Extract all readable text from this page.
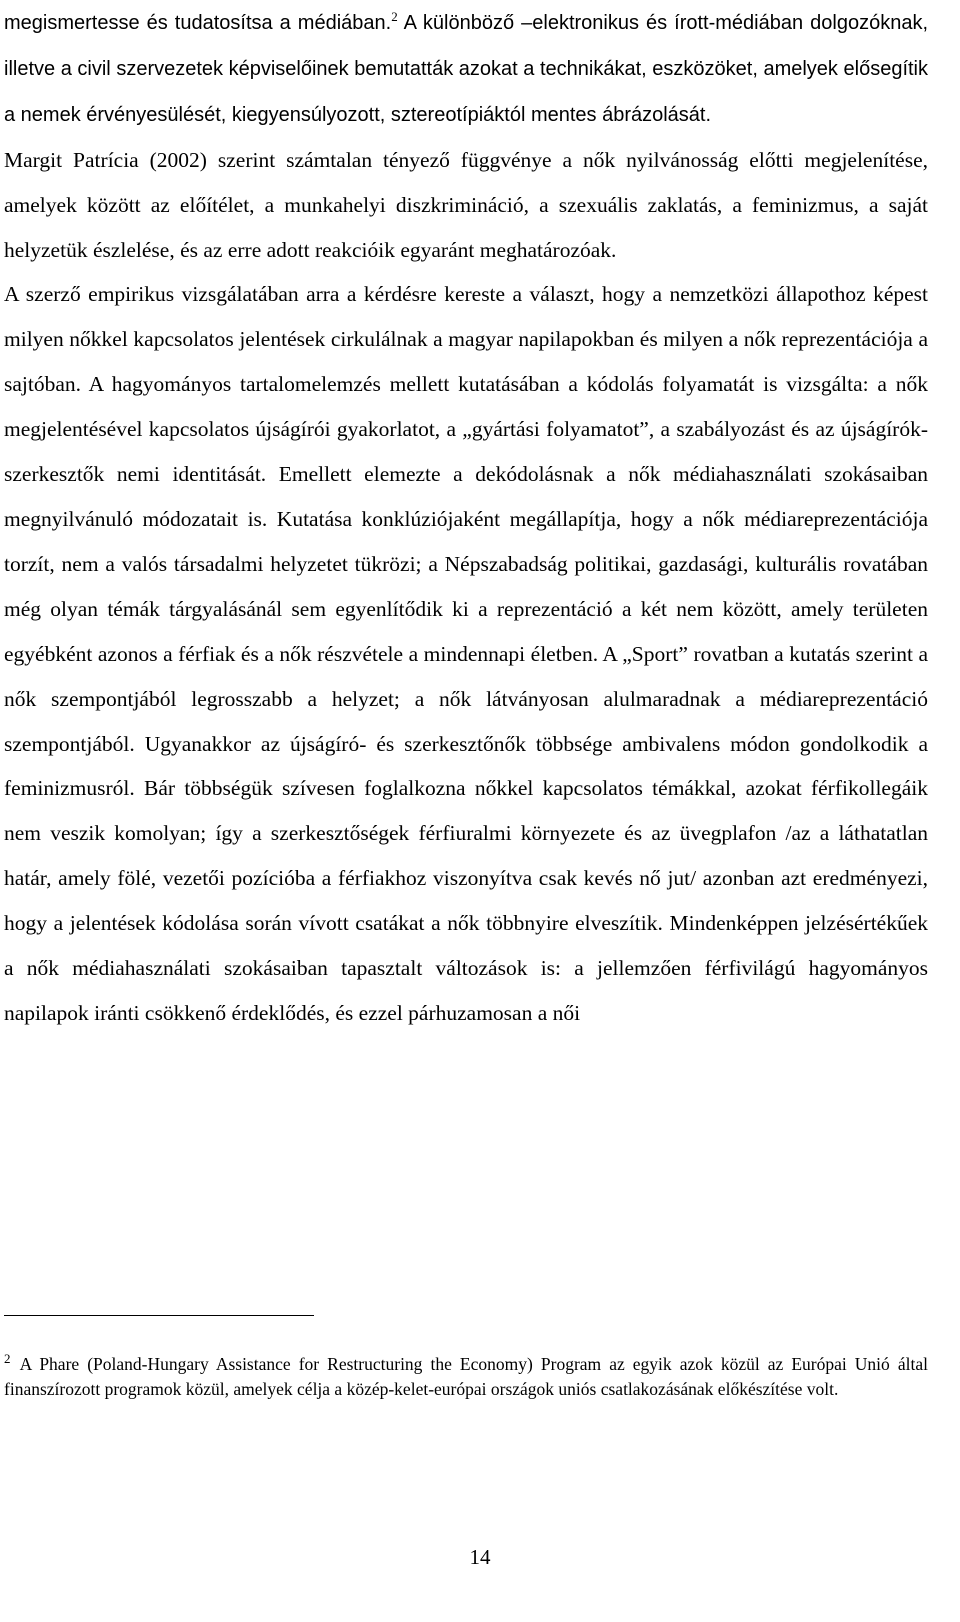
megismertesse és tudatosítsa a médiában.$^2$ A különböző –elektronikus és írott-médiában dolgozóknak, illetve a civil szervezetek képviselőinek bemutatták azokat a technikákat, eszközöket, amelyek elősegítik a nemek érvényesülését, kiegyensúlyozott, sztereotípiáktól mentes ábrázolását.

Margit Patrícia (2002) szerint számtalan tényező függvénye a nők nyilvánosság előtti megjelenítése, amelyek között az előítélet, a munkahelyi diszkrimináció, a szexuális zaklatás, a feminizmus, a saját helyzetük észlelése, és az erre adott reakcióik egyaránt meghatározóak.

A szerző empirikus vizsgálatában arra a kérdésre kereste a választ, hogy a nemzetközi állapothoz képest milyen nőkkel kapcsolatos jelentések cirkulálnak a magyar napilapokban és milyen a nők reprezentációja a sajtóban. A hagyományos tartalomelemzés mellett kutatásában a kódolás folyamatát is vizsgálta: a nők megjelentésével kapcsolatos újságírói gyakorlatot, a „gyártási folyamatot”, a szabályozást és az újságírók-szerkesztők nemi identitását. Emellett elemezte a dekódolásnak a nők médiahasználati szokásaiban megnyilvánuló módozatait is. Kutatása konklúziójaként megállapítja, hogy a nők médiareprezentációja torzít, nem a valós társadalmi helyzetet tükrözi; a Népszabadság politikai, gazdasági, kulturális rovatában még olyan témák tárgyalásánál sem egyenlítődik ki a reprezentáció a két nem között, amely területen egyébként azonos a férfiak és a nők részvétele a mindennapi életben. A „Sport” rovatban a kutatás szerint a nők szempontjából legrosszabb a helyzet; a nők látványosan alulmaradnak a médiareprezentáció szempontjából. Ugyanakkor az újságíró- és szerkesztőnők többsége ambivalens módon gondolkodik a feminizmusról. Bár többségük szívesen foglalkozna nőkkel kapcsolatos témákkal, azokat férfikollegáik nem veszik komolyan; így a szerkesztőségek férfiuralmi környezete és az üvegplafon /az a láthatatlan határ, amely fölé, vezetői pozícióba a férfiakhoz viszonyítva csak kevés nő jut/ azonban azt eredményezi, hogy a jelentések kódolása során vívott csatákat a nők többnyire elveszítik. Mindenképpen jelzésértékűek a nők médiahasználati szokásaiban tapasztalt változások is: a jellemzően férfivilágú hagyományos napilapok iránti csökkenő érdeklődés, és ezzel párhuzamosan a női

$^2$ A Phare (Poland-Hungary Assistance for Restructuring the Economy) Program az egyik azok közül az Európai Unió által finanszírozott programok közül, amelyek célja a közép-kelet-európai országok uniós csatlakozásának előkészítése volt.

14
